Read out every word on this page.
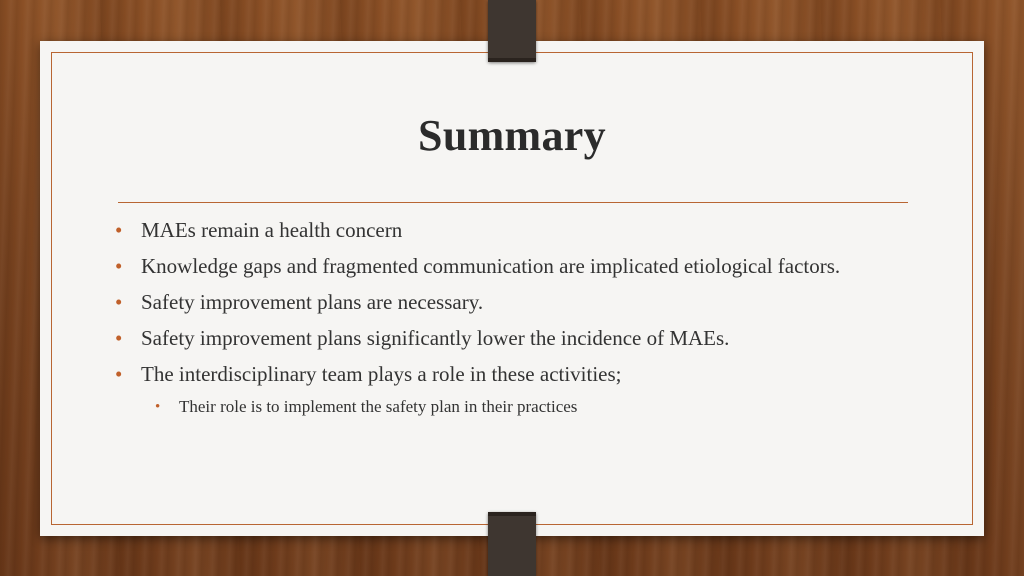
Summary
• MAEs remain a health concern
• Knowledge gaps and fragmented communication are implicated etiological factors.
• Safety improvement plans are necessary.
• Safety improvement plans significantly lower the incidence of MAEs.
• The interdisciplinary team plays a role in these activities;
• Their role is to implement the safety plan in their practices
